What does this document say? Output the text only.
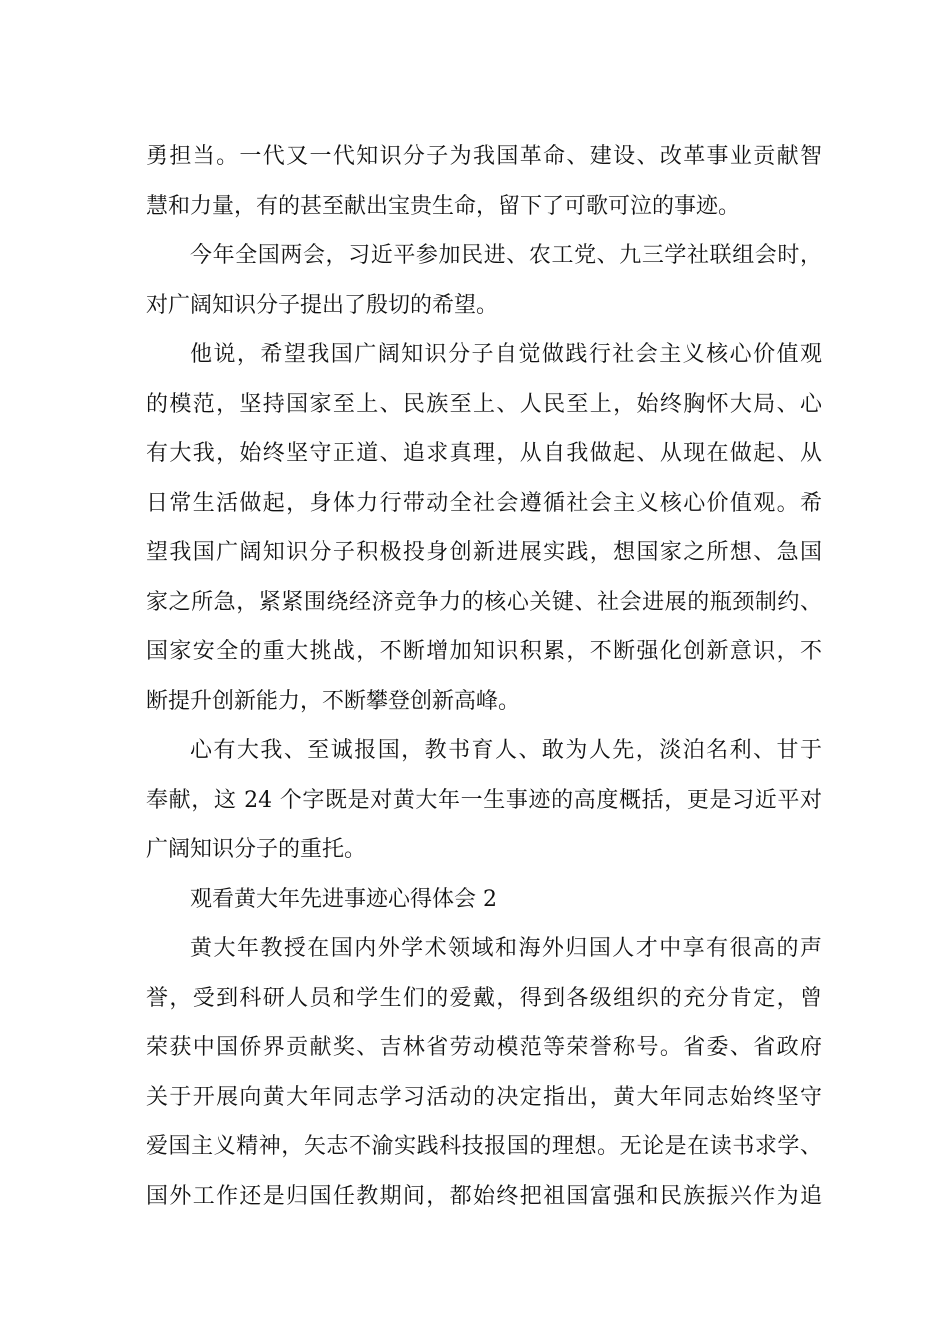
勇担当。一代又一代知识分子为我国革命、建设、改革事业贡献智
慧和力量，有的甚至献出宝贵生命，留下了可歌可泣的事迹。
今年全国两会，习近平参加民进、农工党、九三学社联组会时，
对广阔知识分子提出了殷切的希望。
他说，希望我国广阔知识分子自觉做践行社会主义核心价值观
的模范，坚持国家至上、民族至上、人民至上，始终胸怀大局、心
有大我，始终坚守正道、追求真理，从自我做起、从现在做起、从
日常生活做起，身体力行带动全社会遵循社会主义核心价值观。希
望我国广阔知识分子积极投身创新进展实践，想国家之所想、急国
家之所急，紧紧围绕经济竞争力的核心关键、社会进展的瓶颈制约、
国家安全的重大挑战，不断增加知识积累，不断强化创新意识，不
断提升创新能力，不断攀登创新高峰。
心有大我、至诚报国，教书育人、敢为人先，淡泊名利、甘于
奉献，这 24 个字既是对黄大年一生事迹的高度概括，更是习近平对
广阔知识分子的重托。
观看黄大年先进事迹心得体会 2
黄大年教授在国内外学术领域和海外归国人才中享有很高的声
誉，受到科研人员和学生们的爱戴，得到各级组织的充分肯定，曾
荣获中国侨界贡献奖、吉林省劳动模范等荣誉称号。省委、省政府
关于开展向黄大年同志学习活动的决定指出，黄大年同志始终坚守
爱国主义精神，矢志不渝实践科技报国的理想。无论是在读书求学、
国外工作还是归国任教期间，都始终把祖国富强和民族振兴作为追
